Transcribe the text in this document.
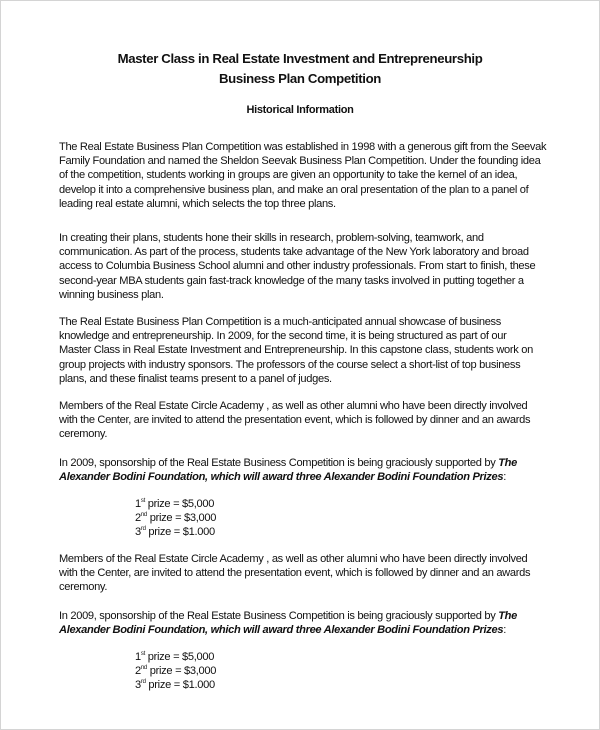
Master Class in Real Estate Investment and Entrepreneurship
Business Plan Competition
Historical Information
The Real Estate Business Plan Competition was established in 1998 with a generous gift from the Seevak
Family Foundation and named the Sheldon Seevak Business Plan Competition. Under the founding idea
of the competition, students working in groups are given an opportunity to take the kernel of an idea,
develop it into a comprehensive business plan, and make an oral presentation of the plan to a panel of
leading real estate alumni, which selects the top three plans.
In creating their plans, students hone their skills in research, problem-solving, teamwork, and
communication. As part of the process, students take advantage of the New York laboratory and broad
access to Columbia Business School alumni and other industry professionals. From start to finish, these
second-year MBA students gain fast-track knowledge of the many tasks involved in putting together a
winning business plan.
The Real Estate Business Plan Competition is a much-anticipated annual showcase of business
knowledge and entrepreneurship. In 2009, for the second time, it is being structured as part of our
Master Class in Real Estate Investment and Entrepreneurship. In this capstone class, students work on
group projects with industry sponsors. The professors of the course select a short-list of top business
plans, and these finalist teams present to a panel of judges.
Members of the Real Estate Circle Academy , as well as other alumni who have been directly involved
with the Center, are invited to attend the presentation event, which is followed by dinner and an awards
ceremony.
In 2009, sponsorship of the Real Estate Business Competition is being graciously supported by The
Alexander Bodini Foundation, which will award three Alexander Bodini Foundation Prizes:
1st prize = $5,000
2nd prize = $3,000
3rd prize = $1.000
Members of the Real Estate Circle Academy , as well as other alumni who have been directly involved
with the Center, are invited to attend the presentation event, which is followed by dinner and an awards
ceremony.
In 2009, sponsorship of the Real Estate Business Competition is being graciously supported by The
Alexander Bodini Foundation, which will award three Alexander Bodini Foundation Prizes:
1st prize = $5,000
2nd prize = $3,000
3rd prize = $1.000
